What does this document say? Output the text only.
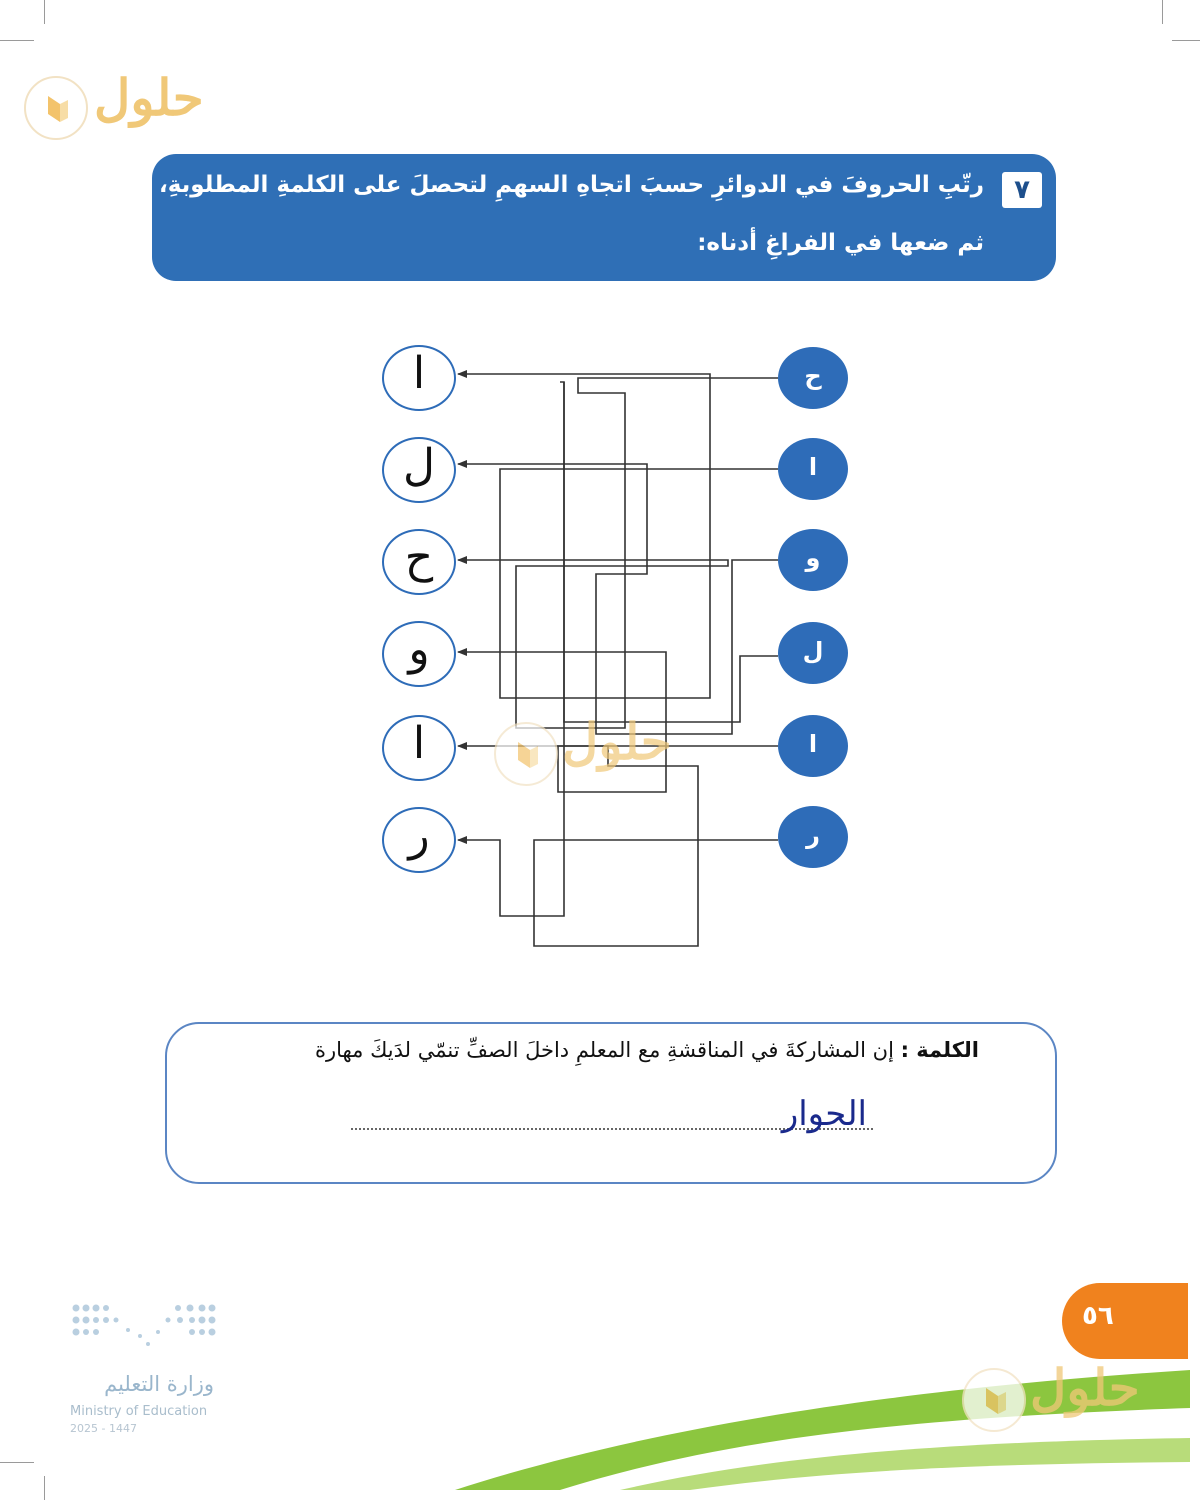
حلول
٧
رتّبِ الحروفَ في الدوائرِ حسبَ اتجاهِ السهمِ لتحصلَ على الكلمةِ المطلوبةِ،
ثم ضعها في الفراغِ أدناه:
ح
ا
و
ل
ا
ر
ا
ل
ح
و
ا
ر
حلول
الكلمة : إن المشاركةَ في المناقشةِ مع المعلمِ داخلَ الصفِّ تنمّي لدَيكَ مهارة
الحوار
٥٦
حلول
وزارة التعليم
Ministry of Education
2025 - 1447
